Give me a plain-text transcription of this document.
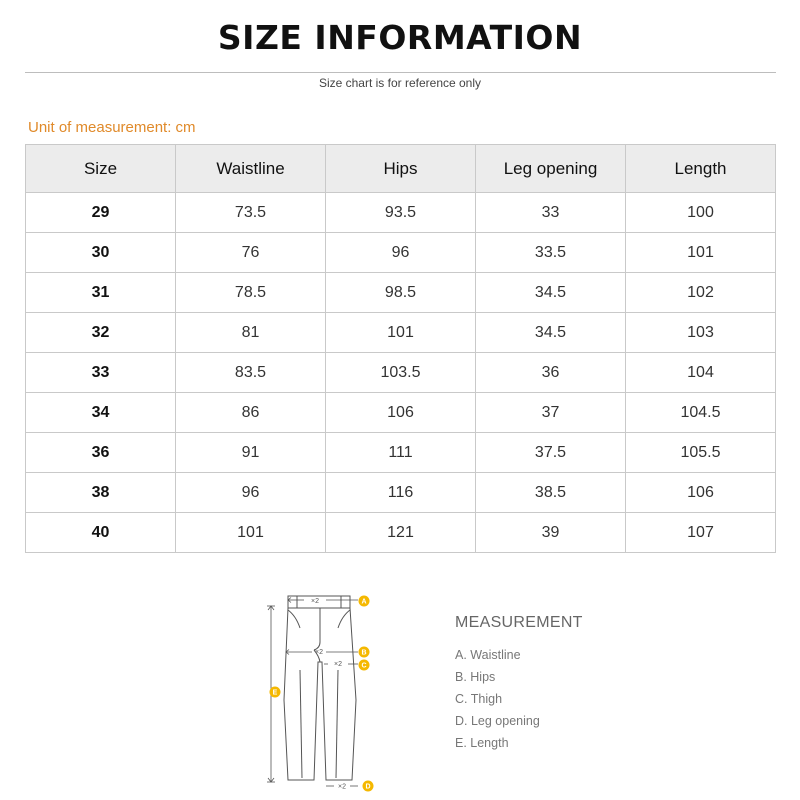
SIZE INFORMATION
Size chart is for reference only
Unit of measurement: cm
Size	Waistline	Hips	Leg opening	Length
29	73.5	93.5	33	100
30	76	96	33.5	101
31	78.5	98.5	34.5	102
32	81	101	34.5	103
33	83.5	103.5	36	104
34	86	106	37	104.5
36	91	111	37.5	105.5
38	96	116	38.5	106
40	101	121	39	107
×2
×2
×2
×2
A
B
C
D
E
MEASUREMENT
A. Waistline
B. Hips
C. Thigh
D. Leg opening
E. Length
